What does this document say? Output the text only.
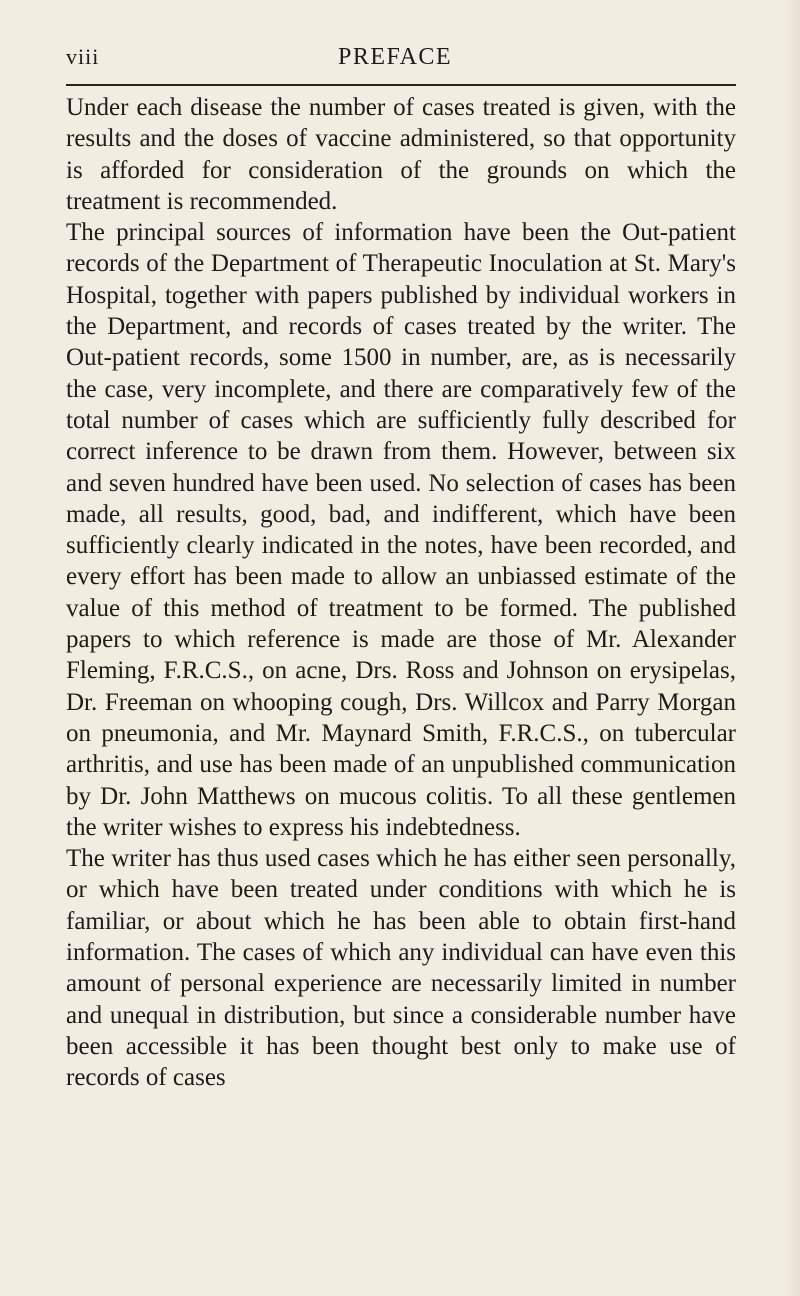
viii	PREFACE

Under each disease the number of cases treated is given, with the results and the doses of vaccine administered, so that opportunity is afforded for consideration of the grounds on which the treatment is recommended.

The principal sources of information have been the Out-patient records of the Department of Therapeutic Inoculation at St. Mary's Hospital, together with papers published by individual workers in the Department, and records of cases treated by the writer. The Out-patient records, some 1500 in number, are, as is necessarily the case, very incomplete, and there are comparatively few of the total number of cases which are sufficiently fully described for correct inference to be drawn from them. However, between six and seven hundred have been used. No selection of cases has been made, all results, good, bad, and indifferent, which have been sufficiently clearly indicated in the notes, have been recorded, and every effort has been made to allow an unbiassed estimate of the value of this method of treatment to be formed. The published papers to which reference is made are those of Mr. Alexander Fleming, F.R.C.S., on acne, Drs. Ross and Johnson on erysipelas, Dr. Freeman on whooping cough, Drs. Willcox and Parry Morgan on pneumonia, and Mr. Maynard Smith, F.R.C.S., on tubercular arthritis, and use has been made of an unpublished communication by Dr. John Matthews on mucous colitis. To all these gentlemen the writer wishes to express his indebtedness.

The writer has thus used cases which he has either seen personally, or which have been treated under conditions with which he is familiar, or about which he has been able to obtain first-hand information. The cases of which any individual can have even this amount of personal experience are necessarily limited in number and unequal in distribution, but since a considerable number have been accessible it has been thought best only to make use of records of cases
